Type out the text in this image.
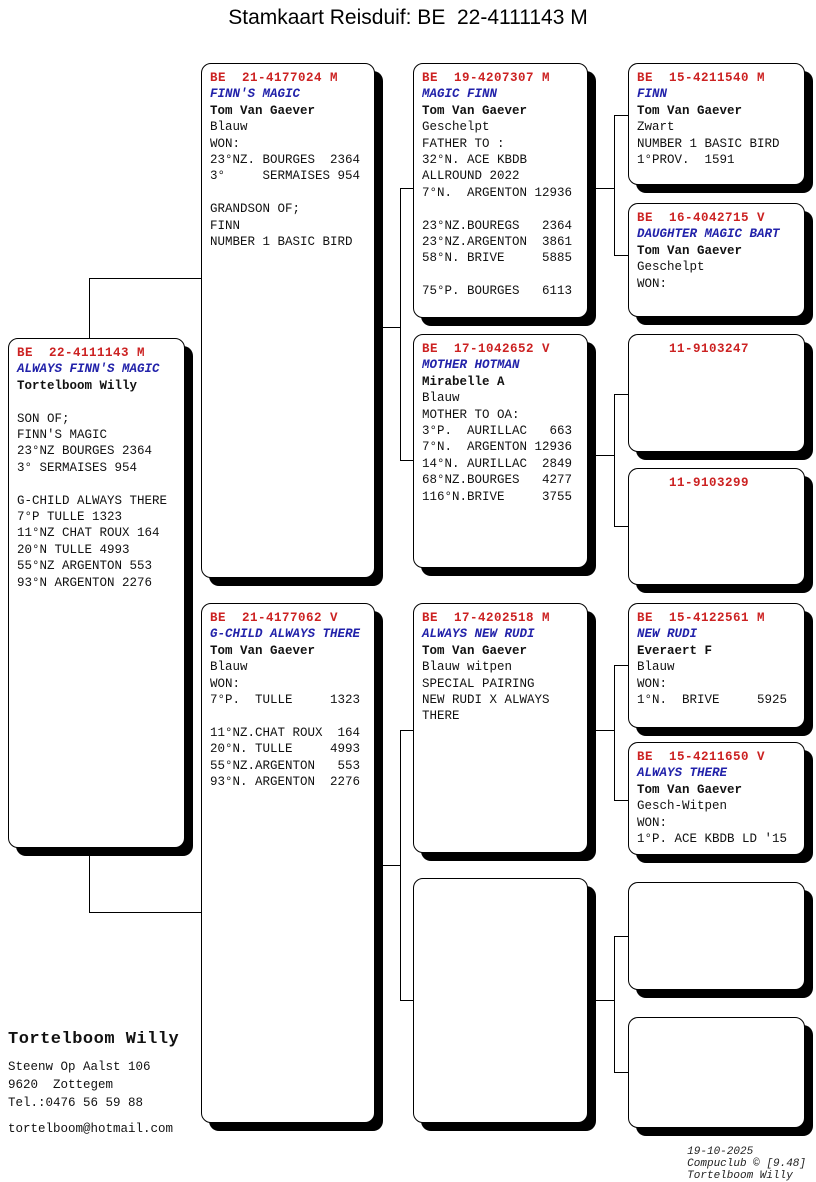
Stamkaart Reisduif: BE  22-4111143 M
BE  22-4111143 M
ALWAYS FINN'S MAGIC
Tortelboom Willy
SON OF;
FINN'S MAGIC
23°NZ BOURGES 2364
3° SERMAISES 954
G-CHILD ALWAYS THERE
7°P TULLE 1323
11°NZ CHAT ROUX 164
20°N TULLE 4993
55°NZ ARGENTON 553
93°N ARGENTON 2276
BE  21-4177024 M
FINN'S MAGIC
Tom Van Gaever
Blauw
WON:
23°NZ. BOURGES  2364
3°     SERMAISES 954
GRANDSON OF;
FINN
NUMBER 1 BASIC BIRD
BE  21-4177062 V
G-CHILD ALWAYS THERE
Tom Van Gaever
Blauw
WON:
7°P.  TULLE     1323
11°NZ.CHAT ROUX  164
20°N. TULLE     4993
55°NZ.ARGENTON   553
93°N. ARGENTON  2276
BE  19-4207307 M
MAGIC FINN
Tom Van Gaever
Geschelpt
FATHER TO :
32°N. ACE KBDB
ALLROUND 2022
7°N.  ARGENTON 12936
23°NZ.BOUREGS   2364
23°NZ.ARGENTON  3861
58°N. BRIVE     5885
75°P. BOURGES   6113
BE  17-1042652 V
MOTHER HOTMAN
Mirabelle A
Blauw
MOTHER TO OA:
3°P.  AURILLAC   663
7°N.  ARGENTON 12936
14°N. AURILLAC  2849
68°NZ.BOURGES   4277
116°N.BRIVE     3755
BE  17-4202518 M
ALWAYS NEW RUDI
Tom Van Gaever
Blauw witpen
SPECIAL PAIRING
NEW RUDI X ALWAYS
THERE
BE  15-4211540 M
FINN
Tom Van Gaever
Zwart
NUMBER 1 BASIC BIRD
1°PROV.  1591
BE  16-4042715 V
DAUGHTER MAGIC BART
Tom Van Gaever
Geschelpt
WON:
11-9103247
11-9103299
BE  15-4122561 M
NEW RUDI
Everaert F
Blauw
WON:
1°N.  BRIVE     5925
BE  15-4211650 V
ALWAYS THERE
Tom Van Gaever
Gesch-Witpen
WON:
1°P. ACE KBDB LD '15
Tortelboom Willy
Steenw Op Aalst 106
9620  Zottegem
Tel.:0476 56 59 88
tortelboom@hotmail.com

19-10-2025
Compuclub © [9.48]
Tortelboom Willy
